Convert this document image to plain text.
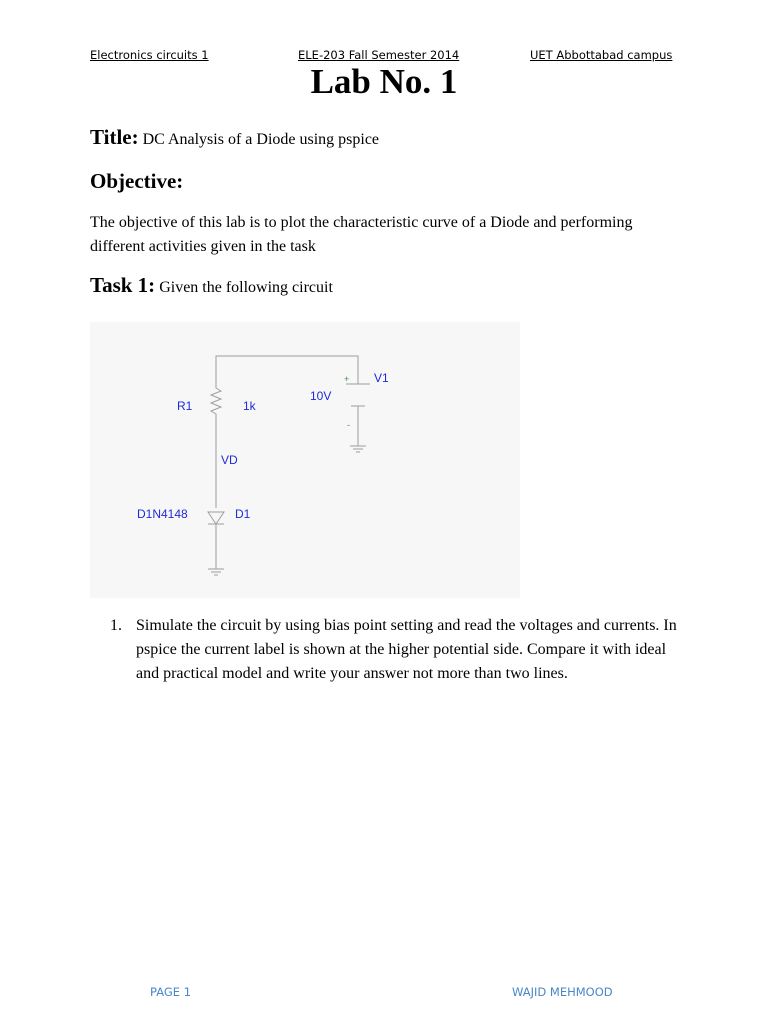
Electronics circuits 1	ELE-203 Fall Semester 2014	UET Abbottabad campus
Lab No. 1
Title: DC Analysis of a Diode using pspice
Objective:

The objective of this lab is to plot the characteristic curve of a Diode and performing different activities given in the task

Task 1: Given the following circuit
R1	1k
V1
10V
+
-
VD
D1N4148	D1
1. Simulate the circuit by using bias point setting and read the voltages and currents. In pspice the current label is shown at the higher potential side. Compare it with ideal and practical model and write your answer not more than two lines.
PAGE 1	WAJID MEHMOOD
